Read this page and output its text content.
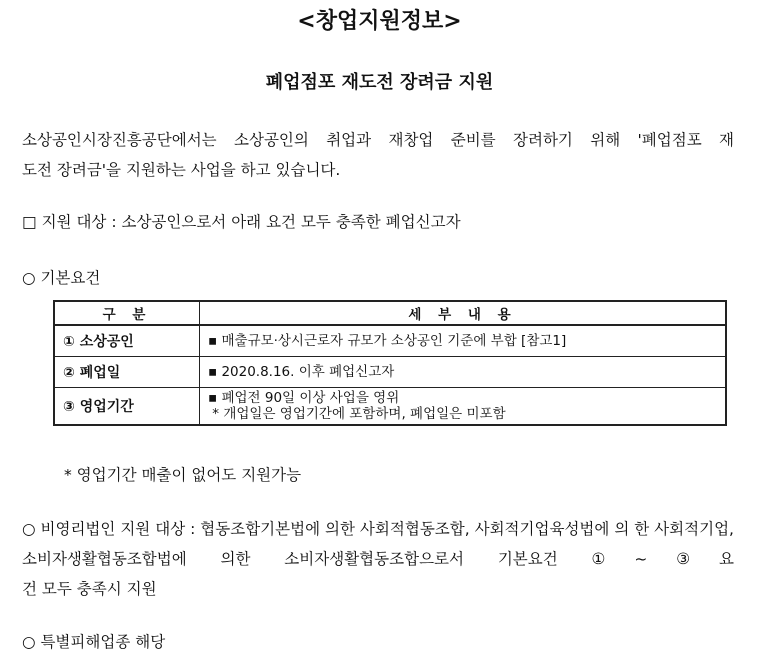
<창업지원정보>
폐업점포 재도전 장려금 지원
소상공인시장진흥공단에서는 소상공인의 취업과 재창업 준비를 장려하기 위해 '폐업점포 재
도전 장려금'을 지원하는 사업을 하고 있습니다.
□ 지원 대상 : 소상공인으로서 아래 요건 모두 충족한 폐업신고자
○ 기본요건
구 분	세 부 내 용
① 소상공인	▪ 매출규모·상시근로자 규모가 소상공인 기준에 부합 [참고1]

② 폐업일	▪ 2020.8.16. 이후 폐업신고자

③ 영업기간	▪ 폐업전 90일 이상 사업을 영위
* 개업일은 영업기간에 포함하며, 폐업일은 미포함
* 영업기간 매출이 없어도 지원가능
○ 비영리법인 지원 대상 : 협동조합기본법에 의한 사회적협동조합, 사회적기업육성법에 의 한 사회적기업, 소비자생활협동조합법에 의한 소비자생활협동조합으로서 기본요건 ①~③요
건 모두 충족시 지원
○ 특별피해업종 해당
